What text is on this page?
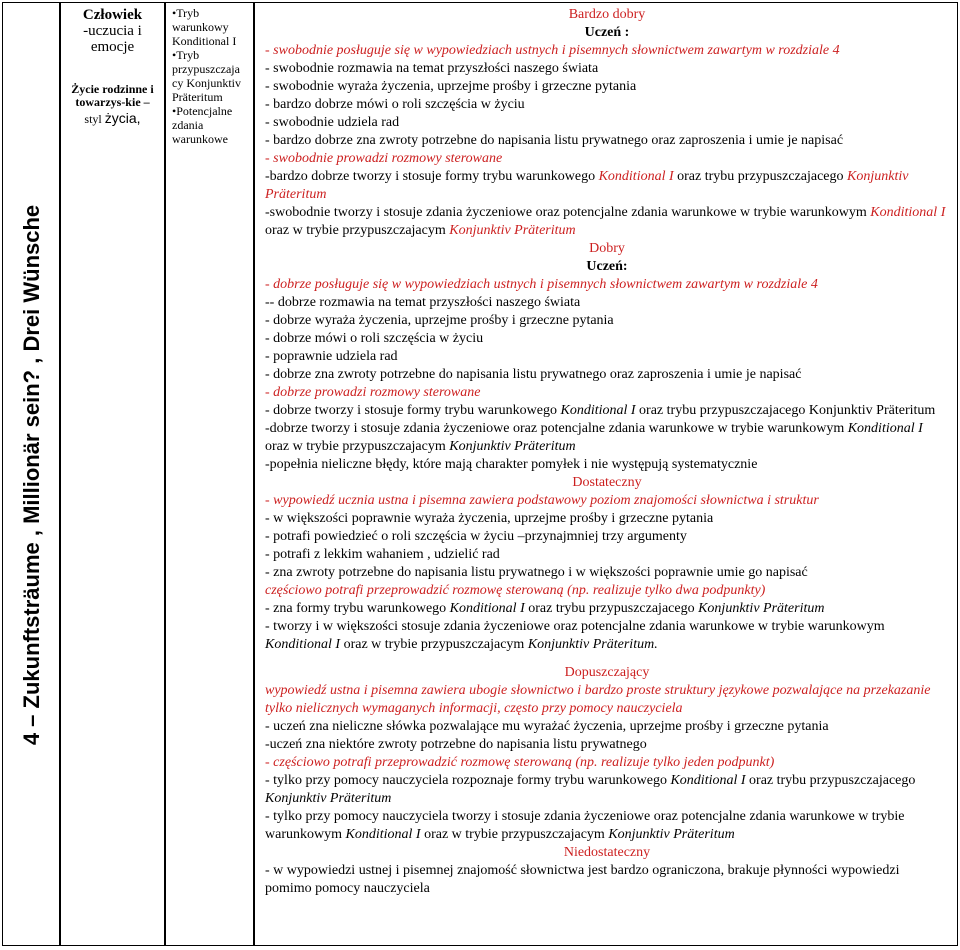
4 – Zukunftsträume , Millionär sein? , Drei Wünsche
Człowiek
-uczucia i
emocje
Życie rodzinne i towarzys-kie –
styl życia,

•Tryb warunkowy Konditional I

•Tryb przypuszczaja cy Konjunktiv Präteritum

•Potencjalne zdania warunkowe

Bardzo dobry

Uczeń :

- swobodnie posługuje się w wypowiedziach ustnych i pisemnych słownictwem zawartym w rozdziale 4

- swobodnie rozmawia na temat przyszłości naszego świata

- swobodnie wyraża życzenia, uprzejme prośby i grzeczne pytania

- bardzo dobrze mówi o roli szczęścia w życiu

- swobodnie udziela rad

- bardzo dobrze zna zwroty potrzebne do napisania listu prywatnego oraz zaproszenia i umie je napisać

- swobodnie prowadzi rozmowy sterowane

-bardzo dobrze tworzy i stosuje formy trybu warunkowego Konditional I oraz trybu przypuszczajacego Konjunktiv Präteritum

-swobodnie tworzy i stosuje zdania życzeniowe oraz potencjalne zdania warunkowe w trybie warunkowym Konditional I oraz w trybie przypuszczajacym Konjunktiv Präteritum

Dobry

Uczeń:

- dobrze posługuje się w wypowiedziach ustnych i pisemnych słownictwem zawartym w rozdziale 4

-- dobrze rozmawia na temat przyszłości naszego świata

- dobrze wyraża życzenia, uprzejme prośby i grzeczne pytania

- dobrze mówi o roli szczęścia w życiu

- poprawnie udziela rad

- dobrze zna zwroty potrzebne do napisania listu prywatnego oraz zaproszenia i umie je napisać

- dobrze prowadzi rozmowy sterowane

- dobrze tworzy i stosuje formy trybu warunkowego Konditional I oraz trybu przypuszczajacego Konjunktiv Präteritum

-dobrze tworzy i stosuje zdania życzeniowe oraz potencjalne zdania warunkowe w trybie warunkowym Konditional I oraz w trybie przypuszczajacym Konjunktiv Präteritum

-popełnia nieliczne błędy, które mają charakter pomyłek i nie występują systematycznie

Dostateczny

- wypowiedź ucznia ustna i pisemna zawiera podstawowy poziom znajomości słownictwa i struktur

- w większości poprawnie wyraża życzenia, uprzejme prośby i grzeczne pytania

- potrafi powiedzieć o roli szczęścia w życiu –przynajmniej trzy argumenty

- potrafi z lekkim wahaniem , udzielić rad

- zna zwroty potrzebne do napisania listu prywatnego i w większości poprawnie umie go napisać

częściowo potrafi przeprowadzić rozmowę sterowaną (np. realizuje tylko dwa podpunkty)

- zna formy trybu warunkowego Konditional I oraz trybu przypuszczajacego Konjunktiv Präteritum

- tworzy i w większości stosuje zdania życzeniowe oraz potencjalne zdania warunkowe w trybie warunkowym Konditional I oraz w trybie przypuszczajacym Konjunktiv Präteritum.

Dopuszczający

wypowiedź ustna i pisemna zawiera ubogie słownictwo i bardzo proste struktury językowe pozwalające na przekazanie tylko nielicznych wymaganych informacji, często przy pomocy nauczyciela

- uczeń zna nieliczne słówka pozwalające mu wyrażać życzenia, uprzejme prośby i grzeczne pytania

-uczeń zna niektóre zwroty potrzebne do napisania listu prywatnego

- częściowo potrafi przeprowadzić rozmowę sterowaną (np. realizuje tylko jeden podpunkt)

- tylko przy pomocy nauczyciela rozpoznaje formy trybu warunkowego Konditional I oraz trybu przypuszczajacego Konjunktiv Präteritum

- tylko przy pomocy nauczyciela tworzy i stosuje zdania życzeniowe oraz potencjalne zdania warunkowe w trybie warunkowym Konditional I oraz w trybie przypuszczajacym Konjunktiv Präteritum

Niedostateczny

- w wypowiedzi ustnej i pisemnej znajomość słownictwa jest bardzo ograniczona, brakuje płynności wypowiedzi pomimo pomocy nauczyciela
